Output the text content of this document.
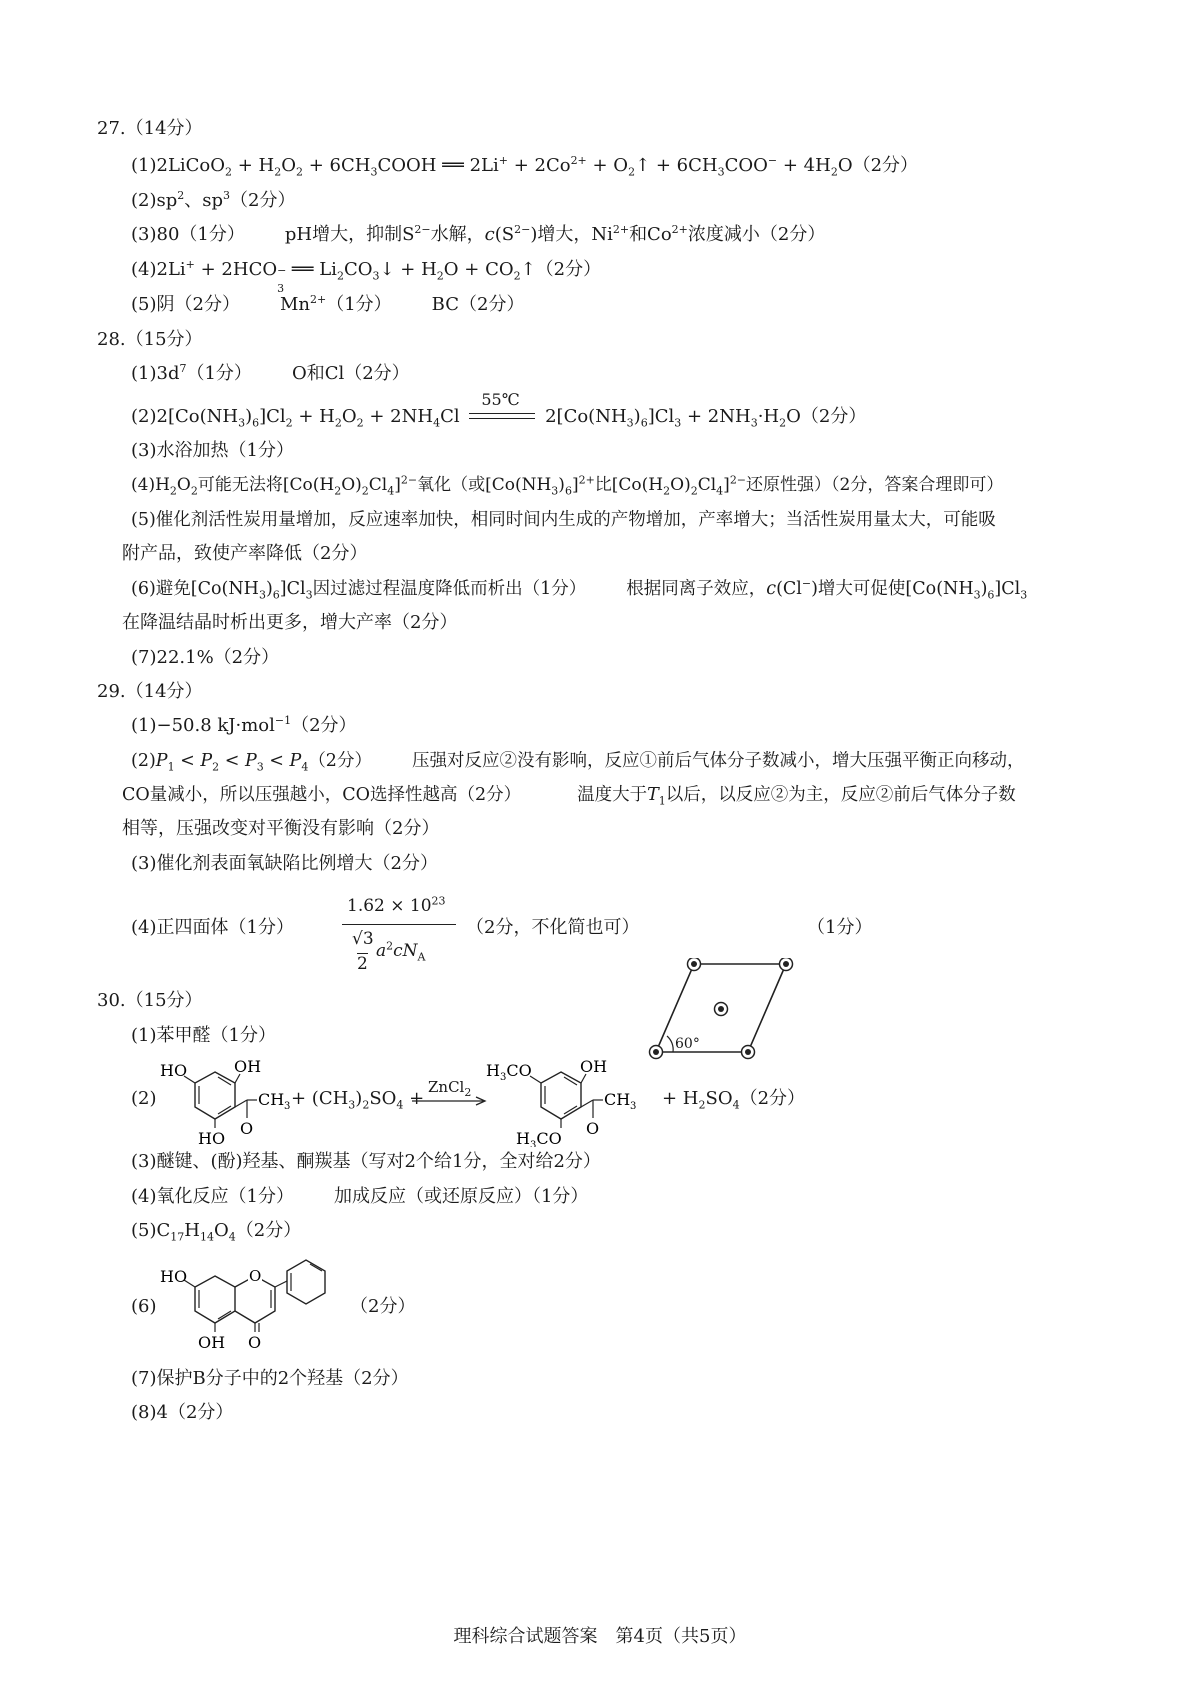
27.（14分）
(1)2LiCoO$_2$ + $H_2O_2$ + $6CH_3COOH$ ══ $2Li^+ + 2Co^{2+}$ + $O_2↑ + 6CH_3COO^- + 4H_2O(2$分）
$(2)sp^2$、$sp^3(2$分）
(3)80（1分） pH增大，抑制$S^{2-}$水解，$c(S^{2-})$增大，$Ni^{2+}$和$Co^{2+}$浓度减小（2分）
(4)2Li+ + 2HCO −
3
══ $Li_2CO_3↓ + H_2O$ + $CO_2↑(2$分）
(5)阴（2分） $Mn^{2+}(1$分） BC（2分）
28.（15分）
$(1)3d^7(1$分） O和Cl（2分）
$(2)2[Co(NH_3)_6]Cl_2 + H_2O_2 + 2NH_4Cl$
55℃
$2[Co(NH_3)_6]Cl_3 + 2NH_3\cdot H_2O(2$分）
(3)水浴加热（1分）
$(4)H_2O_2$可能无法将$[Co(H_2O)_2Cl_4]^{2-}$氧化（或$[Co(NH_3)_6]^{2+}$比$[Co(H_2O)_2Cl_4]^{2-}$还原性强）（2分，答案合理即可）
(5)催化剂活性炭用量增加，反应速率加快，相同时间内生成的产物增加，产率增大；当活性炭用量太大，可能吸
附产品，致使产率降低（2分）
(6)避免$[Co(NH_3)_6]Cl_3$因过滤过程温度降低而析出（1分） 根据同离子效应，c(Cl−)增大可促使$[Co(NH_3)_6]Cl_3$
在降温结晶时析出更多，增大产率（2分）
(7)22.1%（2分）
29.（14分）
(1)−50.8 kJ·mol$^{-1}$（2分）
$(2)P_1 < P_2 < P_3 < P_4(2$分） 压强对反应②没有影响，反应①前后气体分子数减小，增大压强平衡正向移动，
CO量减小，所以压强越小，CO选择性越高（2分）	温度大于$T_1$以后，以反应②为主，反应②前后气体分子数
相等，压强改变对平衡没有影响（2分）
(3)催化剂表面氧缺陷比例增大（2分）
(4)正四面体（1分）
$1.62 \times 10^{23}$
√3
2
$a^2cN_A$
（2分，不化简也可）
60°
（1分）
30.（15分）
(1)苯甲醛（1分）
(2)
HO	OH
HO
O
CH $3 + (CH_3)_2SO_4$ +
ZnCl$_2$
$H_3CO$	OH
$H_3CO$
O
CH $3 + H_2SO_4(2$分）
(3)醚键、(酚)羟基、酮羰基（写对2个给1分，全对给2分）
(4)氧化反应（1分） 加成反应（或还原反应）（1分）
$(5)C_{17}H_{14}O_4(2$分）
(6)
O
HO
OH O
（2分）
(7)保护B分子中的2个羟基（2分）
(8)4（2分）
理科综合试题答案　第4页（共5页）
